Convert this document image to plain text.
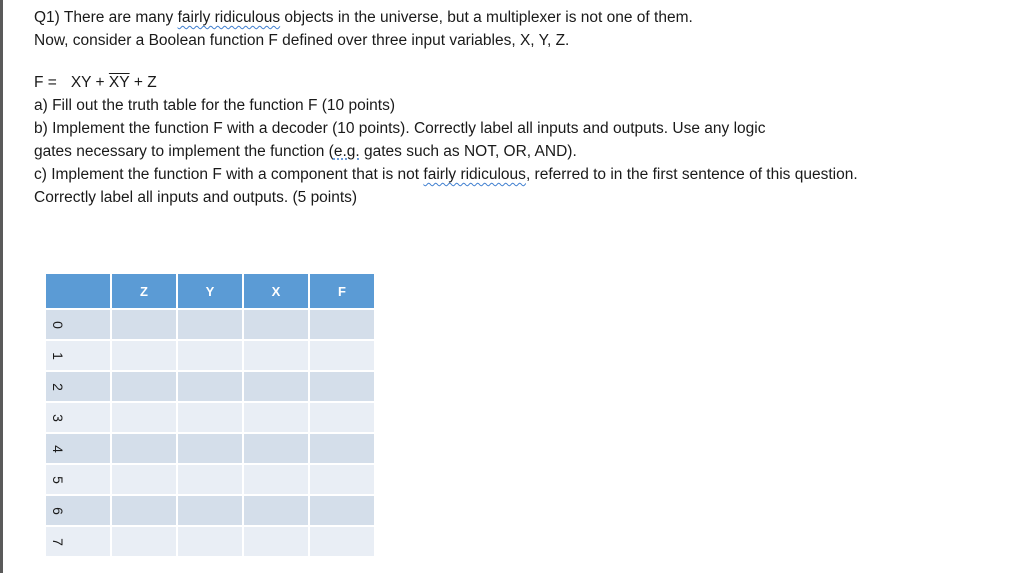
Q1) There are many fairly ridiculous objects in the universe, but a multiplexer is not one of them.
Now, consider a Boolean function F defined over three input variables, X, Y, Z.
F = XY +
$\overline{XY}$
+ Z
a) Fill out the truth table for the function F (10 points)
b) Implement the function F with a decoder (10 points). Correctly label all inputs and outputs. Use any logic
gates necessary to implement the function (e.g. gates such as NOT, OR, AND).
c) Implement the function F with a component that is not fairly ridiculous, referred to in the first sentence of this question.
Correctly label all inputs and outputs. (5 points)
	Z	Y	X	F
0				
1				
2				
3				
4				
5				
6				
7				
